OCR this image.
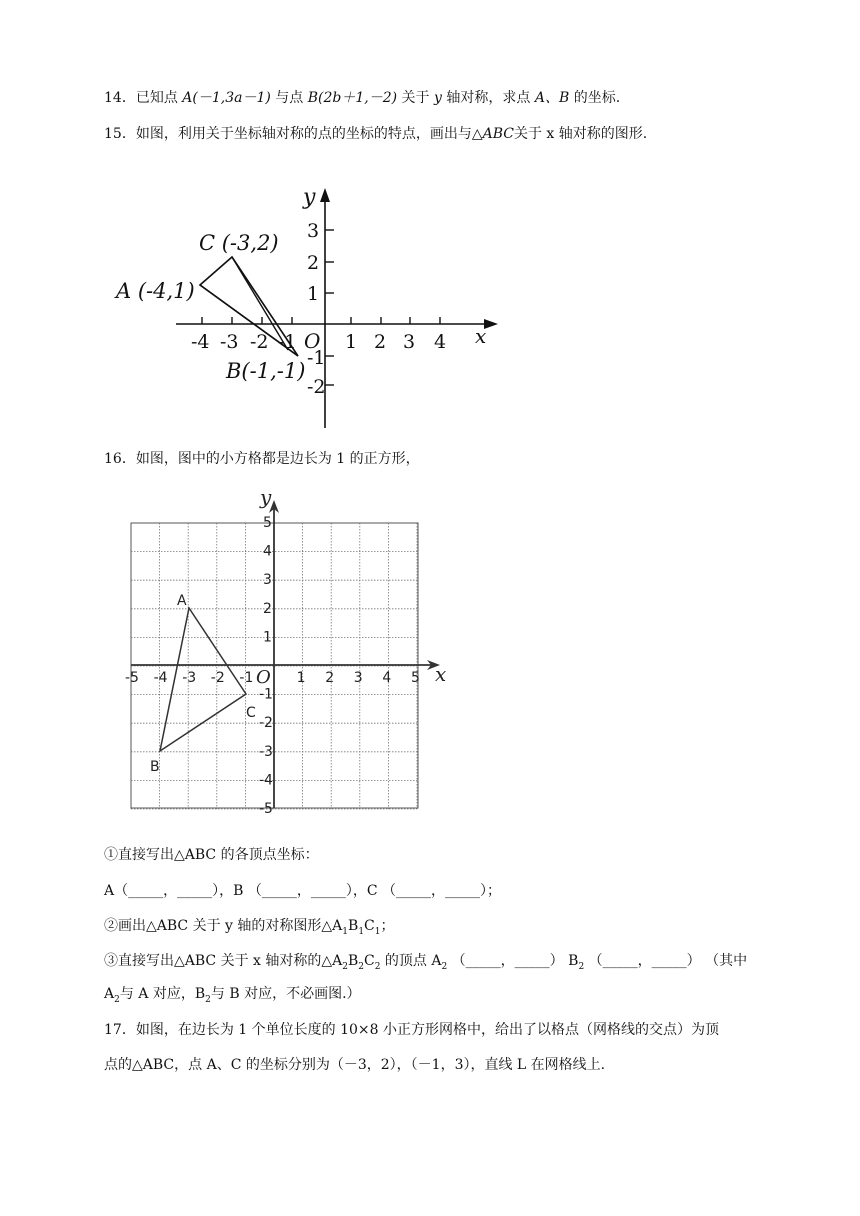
14．已知点 A(－1,3a－1) 与点 B(2b＋1,－2) 关于 y 轴对称，求点 A、B 的坐标.
15．如图，利用关于坐标轴对称的点的坐标的特点，画出与△ABC关于 x 轴对称的图形.
y
x
O
-4 -3 -2 -1	1 2 3 4
3
2
1
-1
-2
A (-4,1)
B(-1,-1)
C (-3,2)
16．如图，图中的小方格都是边长为 1 的正方形，
y
x
O
-5 -4 -3 -2 -1	1 2 3 4 5
5
4
3
2
1
-1
-2
-3
-4
-5
A
B
C
①直接写出△ABC 的各顶点坐标：
A（_____，_____），B （_____，_____），C （_____，_____）；
②画出△ABC 关于 y 轴的对称图形$\triangle A_1B_1C_1$；
③直接写出△ABC 关于 x 轴对称的$\triangle A_2B_2C_2$ 的顶点 $A_2$ （_____，_____） $B_2$ （_____，_____） （其中
$A_2$与 A 对应，$B_2$与 B 对应，不必画图.）
17．如图，在边长为 1 个单位长度的 10×8 小正方形网格中，给出了以格点（网格线的交点）为顶
点的△ABC，点 A、C 的坐标分别为（－3，2），（－1，3），直线 L 在网格线上.
